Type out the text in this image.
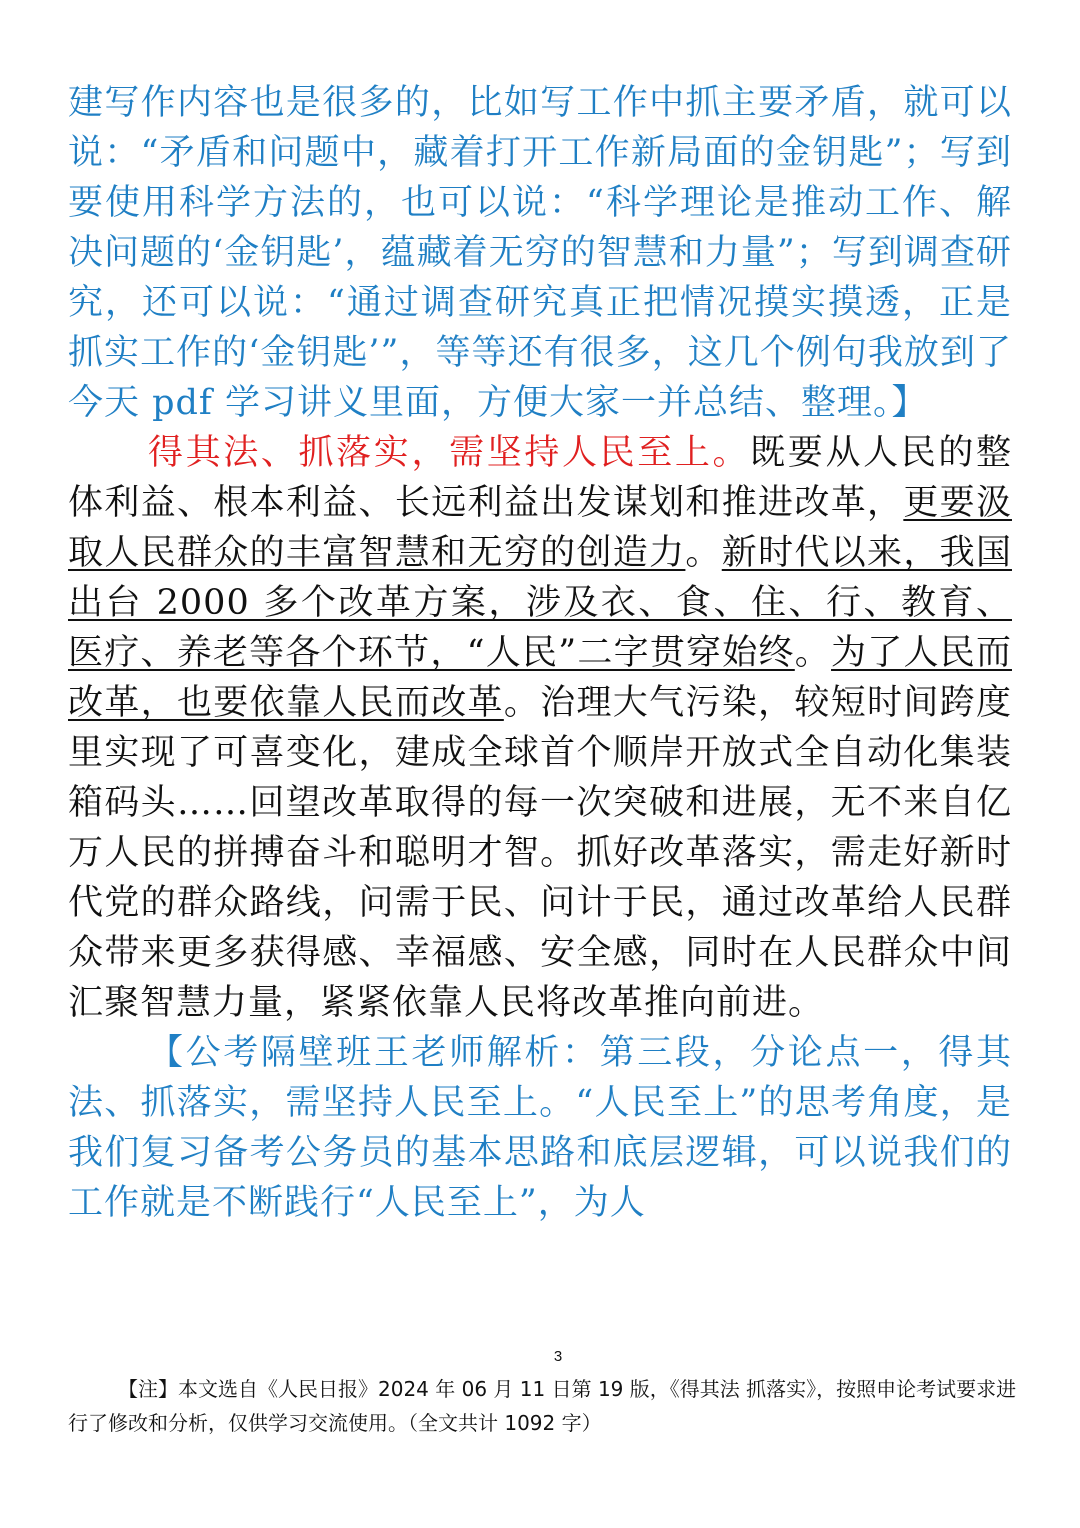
建写作内容也是很多的，比如写工作中抓主要矛盾，就可以说：“矛盾和问题中，藏着打开工作新局面的金钥匙”；写到要使用科学方法的，也可以说：“科学理论是推动工作、解决问题的‘金钥匙’，蕴藏着无穷的智慧和力量”；写到调查研究，还可以说：“通过调查研究真正把情况摸实摸透，正是抓实工作的‘金钥匙’”，等等还有很多，这几个例句我放到了今天 pdf 学习讲义里面，方便大家一并总结、整理。】

得其法、抓落实，需坚持人民至上。既要从人民的整体利益、根本利益、长远利益出发谋划和推进改革，更要汲取人民群众的丰富智慧和无穷的创造力。新时代以来，我国出台 2000 多个改革方案，涉及衣、食、住、行、教育、医疗、养老等各个环节，“人民”二字贯穿始终。为了人民而改革，也要依靠人民而改革。治理大气污染，较短时间跨度里实现了可喜变化，建成全球首个顺岸开放式全自动化集装箱码头……回望改革取得的每一次突破和进展，无不来自亿万人民的拼搏奋斗和聪明才智。抓好改革落实，需走好新时代党的群众路线，问需于民、问计于民，通过改革给人民群众带来更多获得感、幸福感、安全感，同时在人民群众中间汇聚智慧力量，紧紧依靠人民将改革推向前进。

【公考隔壁班王老师解析：第三段，分论点一，得其法、抓落实，需坚持人民至上。“人民至上”的思考角度，是我们复习备考公务员的基本思路和底层逻辑，可以说我们的工作就是不断践行“人民至上”，为人

3
【注】本文选自《人民日报》2024 年 06 月 11 日第 19 版，《得其法 抓落实》，按照申论考试要求进行了修改和分析，仅供学习交流使用。（全文共计 1092 字）
